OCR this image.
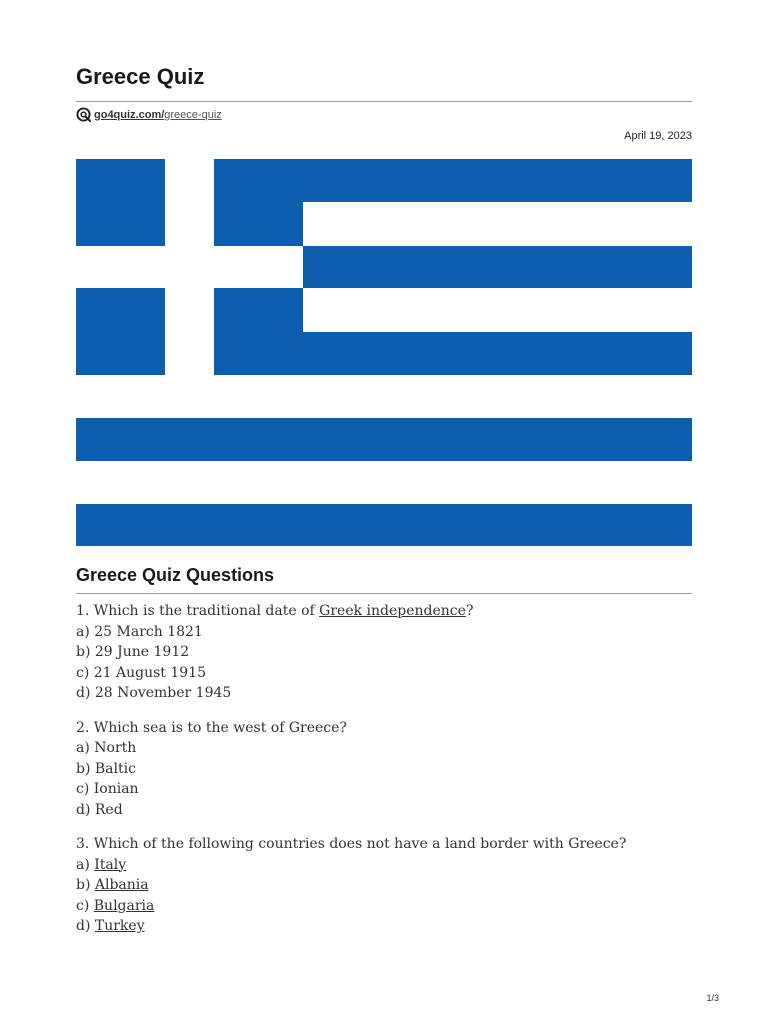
Greece Quiz
go4quiz.com/ greece-quiz
April 19, 2023
Greece Quiz Questions

1. Which is the traditional date of Greek independence?

a) 25 March 1821

b) 29 June 1912

c) 21 August 1915

d) 28 November 1945

2. Which sea is to the west of Greece?

a) North

b) Baltic

c) Ionian

d) Red

3. Which of the following countries does not have a land border with Greece?

a) Italy

b) Albania

c) Bulgaria

d) Turkey

1/3
